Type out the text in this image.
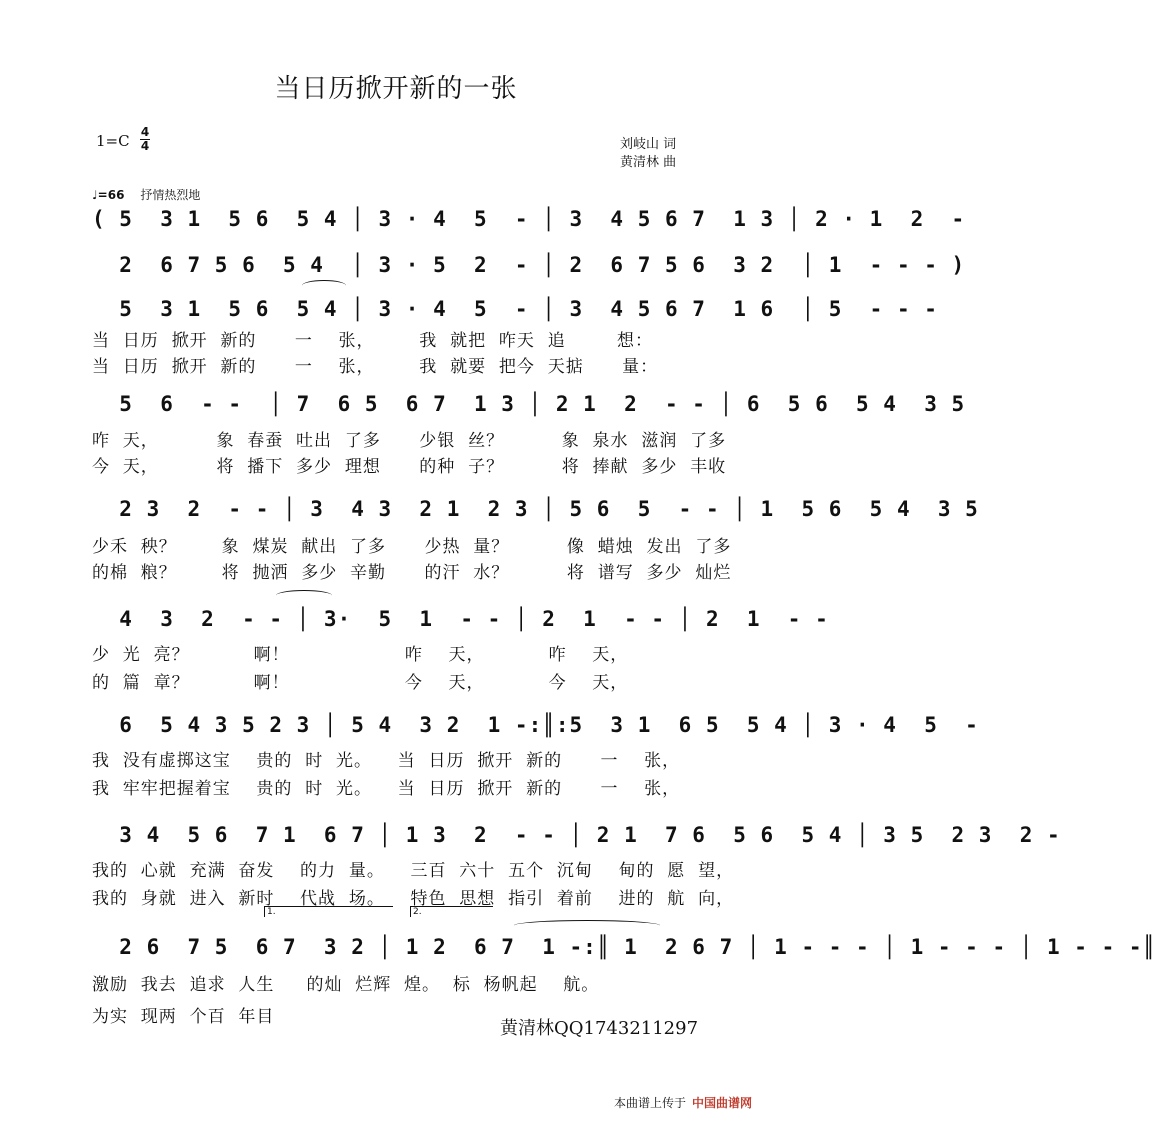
当日历掀开新的一张
1=C 4
4	刘岐山 词
黄清林 曲
♩=66 抒情热烈地
( 5  3 1  5 6  5 4 │ 3 · 4  5  - │ 3  4 5 6 7  1 3 │ 2 · 1  2  -
2  6 7 5 6  5 4  │ 3 · 5  2  - │ 2  6 7 5 6  3 2  │ 1  - - - )
5  3 1  5 6  5 4 │ 3 · 4  5  - │ 3  4 5 6 7  1 6  │ 5  - - -
当  日历  掀开  新的      一    张，       我  就把  咋天  追        想：
当  日历  掀开  新的      一    张，       我  就要  把今  天掂      量：
5  6  - -  │ 7  6 5  6 7  1 3 │ 2 1  2  - - │ 6  5 6  5 4  3 5
咋  天，         象  春蚕  吐出  了多      少银  丝？         象  泉水  滋润  了多
今  天，         将  播下  多少  理想      的种  子？         将  捧献  多少  丰收
2 3  2  - - │ 3  4 3  2 1  2 3 │ 5 6  5  - - │ 1  5 6  5 4  3 5
少禾  秧？       象  煤炭  献出  了多      少热  量？         像  蜡烛  发出  了多
的棉  粮？       将  抛洒  多少  辛勤      的汗  水？         将  谱写  多少  灿烂
4  3  2  - - │ 3·  5  1  - - │ 2  1  - - │ 2  1  - -
少  光  亮？          啊！                  咋    天，          咋    天，
的  篇  章？          啊！                  今    天，          今    天，
6  5 4 3 5 2 3 │ 5 4  3 2  1 -:║:5  3 1  6 5  5 4 │ 3 · 4  5  -
我  没有虚掷这宝    贵的  时  光。    当  日历  掀开  新的      一    张，
我  牢牢把握着宝    贵的  时  光。    当  日历  掀开  新的      一    张，
3 4  5 6  7 1  6 7 │ 1 3  2  - - │ 2 1  7 6  5 6  5 4 │ 3 5  2 3  2 -
我的  心就  充满  奋发    的力  量。    三百  六十  五个  沉甸    甸的  愿  望，
我的  身就  进入  新时    代战  场。    特色  思想  指引  着前    进的  航  向，
1.	2.
2 6  7 5  6 7  3 2 │ 1 2  6 7  1 -:║ 1  2 6 7 │ 1 - - - │ 1 - - - │ 1 - - -║
激励  我去  追求  人生     的灿  烂辉  煌。  标  杨帆起    航。
为实  现两  个百  年目
黄清林QQ1743211297
本曲谱上传于 中国曲谱网
